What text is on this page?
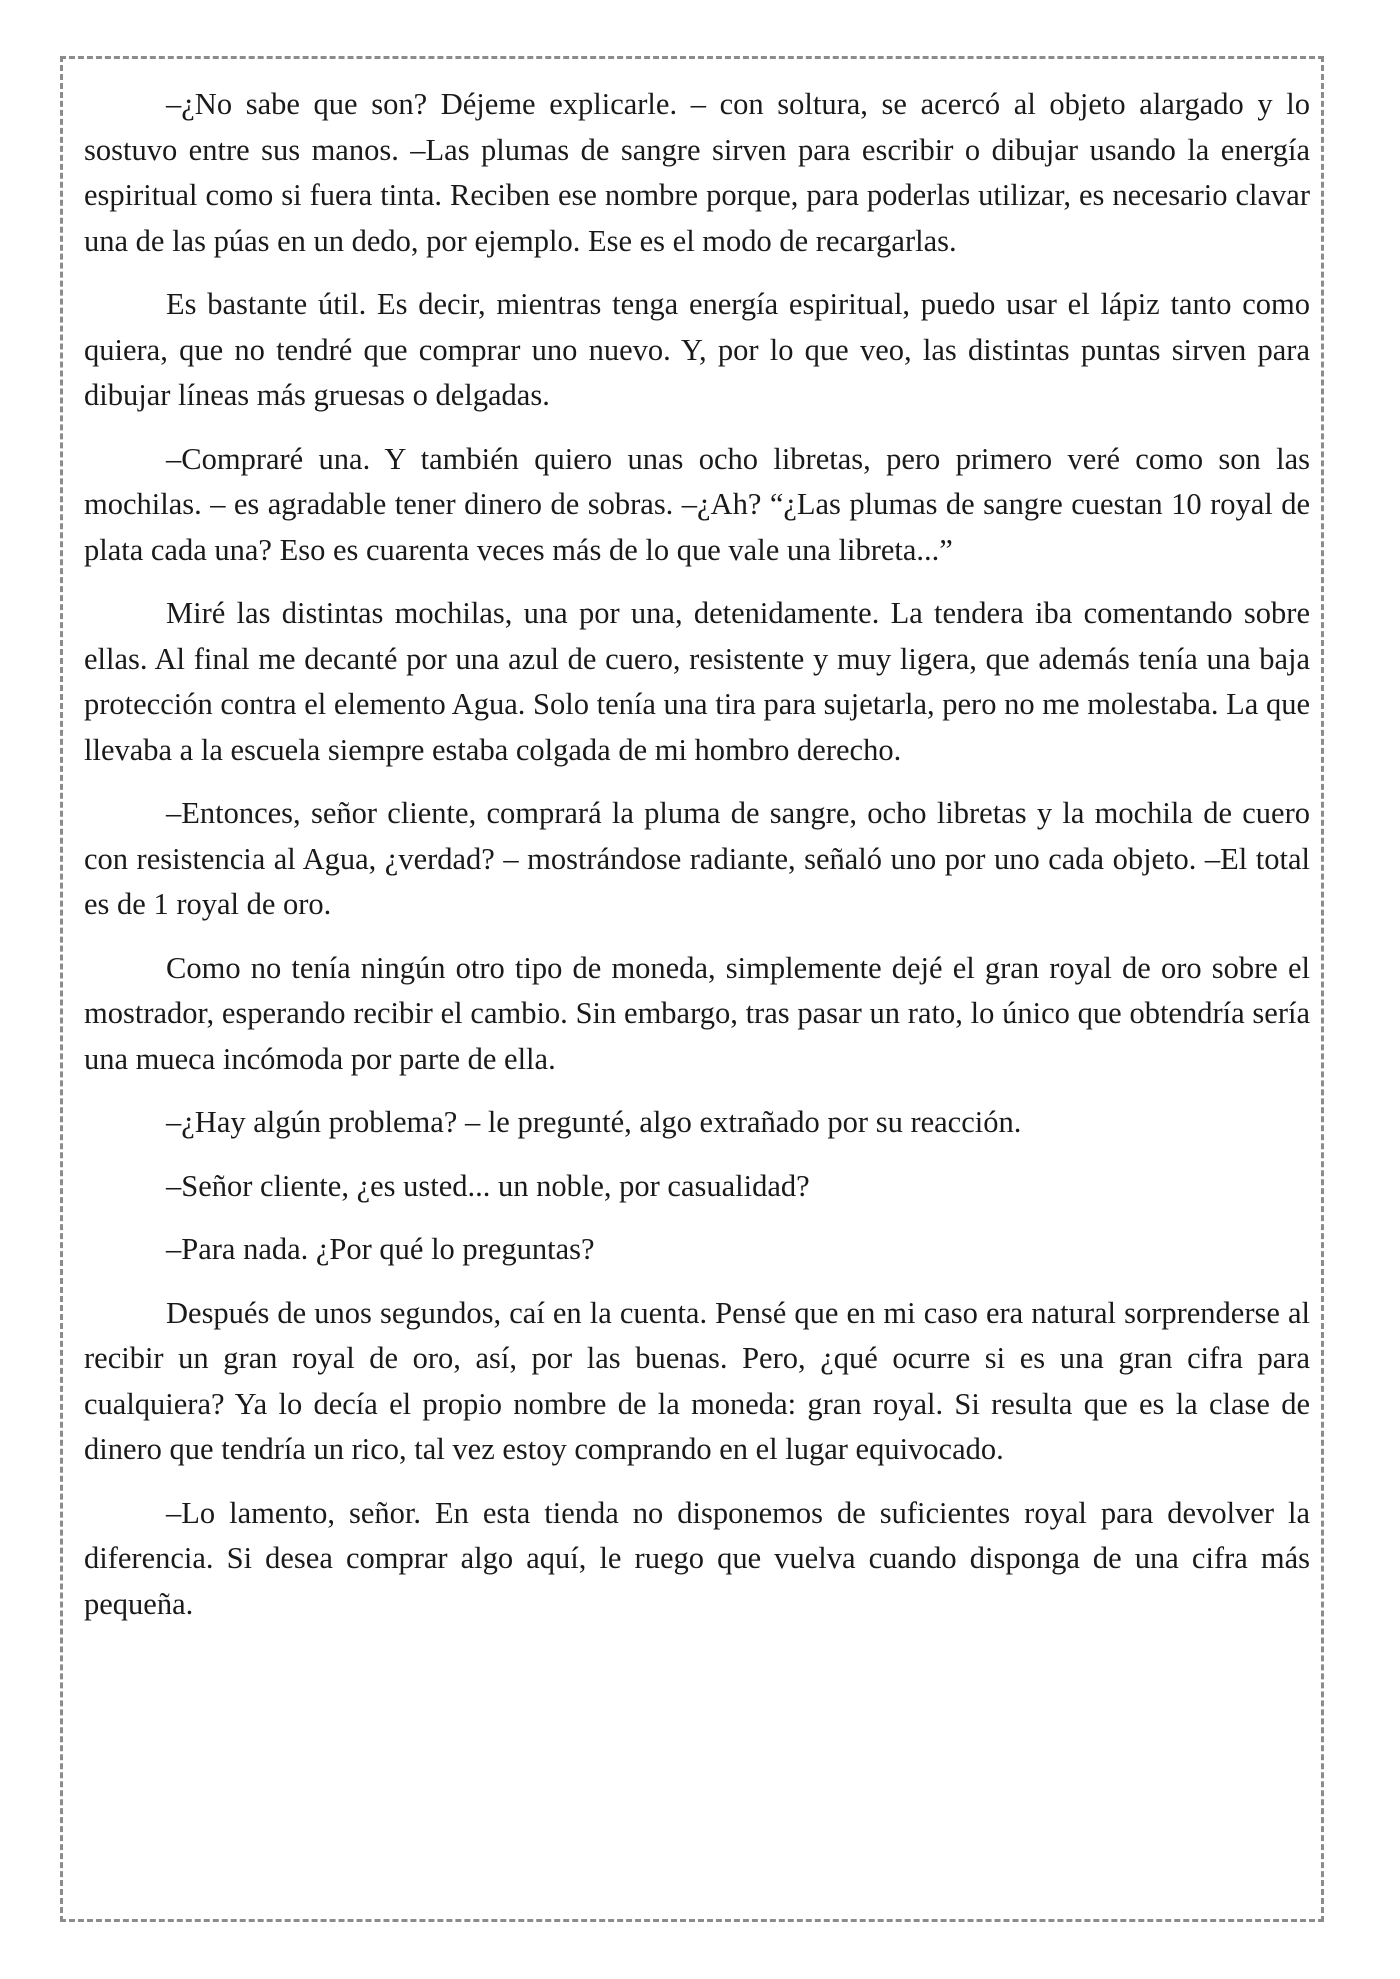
–¿No sabe que son? Déjeme explicarle. – con soltura, se acercó al objeto alargado y lo sostuvo entre sus manos. –Las plumas de sangre sirven para escribir o dibujar usando la energía espiritual como si fuera tinta. Reciben ese nombre porque, para poderlas utilizar, es necesario clavar una de las púas en un dedo, por ejemplo. Ese es el modo de recargarlas.

Es bastante útil. Es decir, mientras tenga energía espiritual, puedo usar el lápiz tanto como quiera, que no tendré que comprar uno nuevo. Y, por lo que veo, las distintas puntas sirven para dibujar líneas más gruesas o delgadas.

–Compraré una. Y también quiero unas ocho libretas, pero primero veré como son las mochilas. – es agradable tener dinero de sobras. –¿Ah? “¿Las plumas de sangre cuestan 10 royal de plata cada una? Eso es cuarenta veces más de lo que vale una libreta...”

Miré las distintas mochilas, una por una, detenidamente. La tendera iba comentando sobre ellas. Al final me decanté por una azul de cuero, resistente y muy ligera, que además tenía una baja protección contra el elemento Agua. Solo tenía una tira para sujetarla, pero no me molestaba. La que llevaba a la escuela siempre estaba colgada de mi hombro derecho.

–Entonces, señor cliente, comprará la pluma de sangre, ocho libretas y la mochila de cuero con resistencia al Agua, ¿verdad? – mostrándose radiante, señaló uno por uno cada objeto. –El total es de 1 royal de oro.

Como no tenía ningún otro tipo de moneda, simplemente dejé el gran royal de oro sobre el mostrador, esperando recibir el cambio. Sin embargo, tras pasar un rato, lo único que obtendría sería una mueca incómoda por parte de ella.

–¿Hay algún problema? – le pregunté, algo extrañado por su reacción.

–Señor cliente, ¿es usted... un noble, por casualidad?

–Para nada. ¿Por qué lo preguntas?

Después de unos segundos, caí en la cuenta. Pensé que en mi caso era natural sorprenderse al recibir un gran royal de oro, así, por las buenas. Pero, ¿qué ocurre si es una gran cifra para cualquiera? Ya lo decía el propio nombre de la moneda: gran royal. Si resulta que es la clase de dinero que tendría un rico, tal vez estoy comprando en el lugar equivocado.

–Lo lamento, señor. En esta tienda no disponemos de suficientes royal para devolver la diferencia. Si desea comprar algo aquí, le ruego que vuelva cuando disponga de una cifra más pequeña.
